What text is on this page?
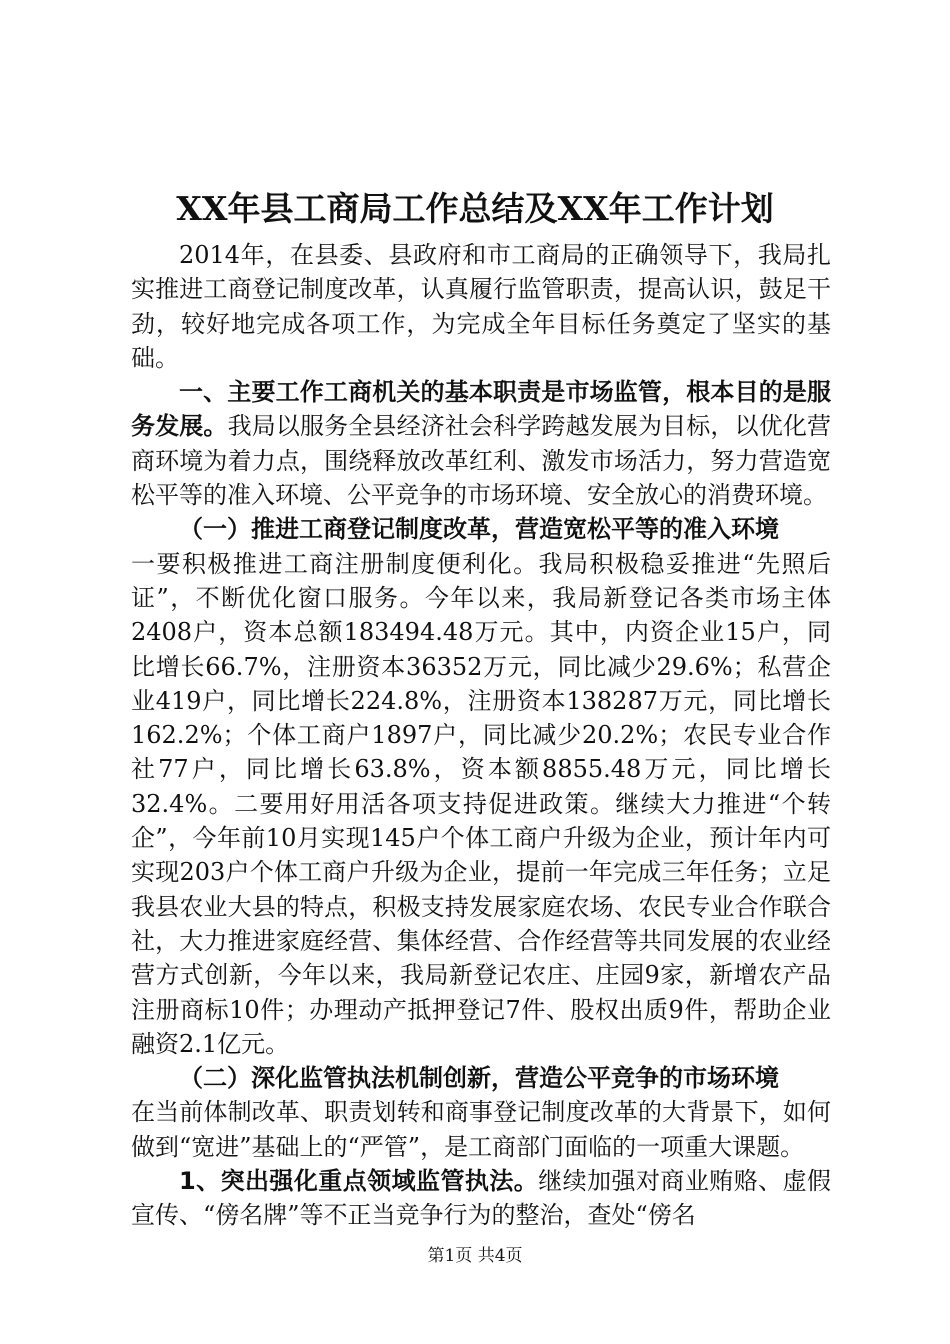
XX年县工商局工作总结及XX年工作计划

2014年，在县委、县政府和市工商局的正确领导下，我局扎实推进工商登记制度改革，认真履行监管职责，提高认识，鼓足干劲，较好地完成各项工作，为完成全年目标任务奠定了坚实的基础。

一、主要工作工商机关的基本职责是市场监管，根本目的是服务发展。我局以服务全县经济社会科学跨越发展为目标，以优化营商环境为着力点，围绕释放改革红利、激发市场活力，努力营造宽松平等的准入环境、公平竞争的市场环境、安全放心的消费环境。

（一）推进工商登记制度改革，营造宽松平等的准入环境

一要积极推进工商注册制度便利化。我局积极稳妥推进“先照后证”，不断优化窗口服务。今年以来，我局新登记各类市场主体2408户，资本总额183494.48万元。其中，内资企业15户，同比增长66.7%，注册资本36352万元，同比减少29.6%；私营企业419户，同比增长224.8%，注册资本138287万元，同比增长162.2%；个体工商户1897户，同比减少20.2%；农民专业合作社77户，同比增长63.8%，资本额8855.48万元，同比增长32.4%。二要用好用活各项支持促进政策。继续大力推进“个转企”，今年前10月实现145户个体工商户升级为企业，预计年内可实现203户个体工商户升级为企业，提前一年完成三年任务；立足我县农业大县的特点，积极支持发展家庭农场、农民专业合作联合社，大力推进家庭经营、集体经营、合作经营等共同发展的农业经营方式创新，今年以来，我局新登记农庄、庄园9家，新增农产品注册商标10件；办理动产抵押登记7件、股权出质9件，帮助企业融资2.1亿元。

（二）深化监管执法机制创新，营造公平竞争的市场环境

在当前体制改革、职责划转和商事登记制度改革的大背景下，如何做到“宽进”基础上的“严管”，是工商部门面临的一项重大课题。

1、突出强化重点领域监管执法。继续加强对商业贿赂、虚假宣传、“傍名牌”等不正当竞争行为的整治，查处“傍名

第1页 共4页
